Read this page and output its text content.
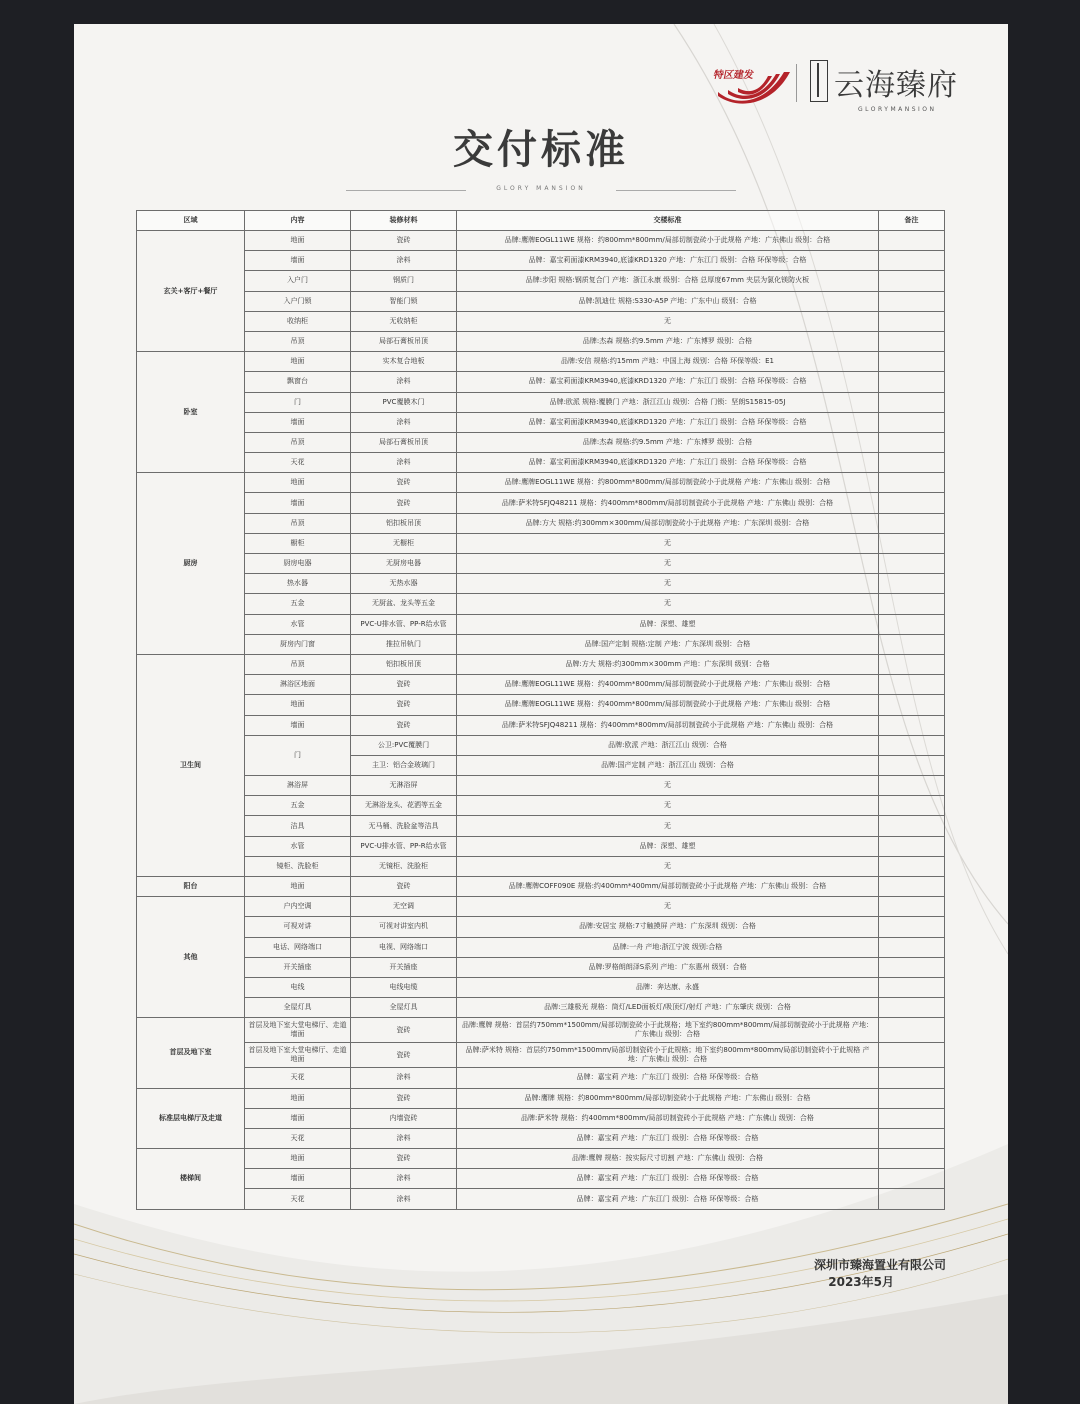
特区建发	云海臻府
GLORYMANSION
交付标准
GLORY MANSION
区域	内容	装修材料	交楼标准	备注
玄关+客厅+餐厅	地面	瓷砖	品牌:鹰牌EOGL11WE 规格：约800mm*800mm/局部切制瓷砖小于此规格 产地：广东佛山 级别：合格	
	墙面	涂料	品牌：嘉宝莉面漆KRM3940,底漆KRD1320 产地：广东江门 级别：合格 环保等级：合格	
	入户门	钢质门	品牌:步阳 规格:钢质复合门 产地：浙江永康 级别：合格 总厚度67mm 夹层为氯化镁防火板	
	入户门锁	智能门锁	品牌:凯迪仕 规格:S330-A5P 产地：广东中山 级别：合格	
	收纳柜	无收纳柜	无	
	吊顶	局部石膏板吊顶	品牌:杰森 规格:约9.5mm 产地：广东博罗 级别：合格	
卧室	地面	实木复合地板	品牌:安信 规格:约15mm 产地：中国上海 级别：合格 环保等级：E1	
	飘窗台	涂料	品牌：嘉宝莉面漆KRM3940,底漆KRD1320 产地：广东江门 级别：合格 环保等级：合格	
	门	PVC覆膜木门	品牌:欧派 规格:覆膜门 产地：浙江江山 级别：合格 门锁：坚朗S15815-05J	
	墙面	涂料	品牌：嘉宝莉面漆KRM3940,底漆KRD1320 产地：广东江门 级别：合格 环保等级：合格	
	吊顶	局部石膏板吊顶	品牌:杰森 规格:约9.5mm 产地：广东博罗 级别：合格	
	天花	涂料	品牌：嘉宝莉面漆KRM3940,底漆KRD1320 产地：广东江门 级别：合格 环保等级：合格	
厨房	地面	瓷砖	品牌:鹰牌EOGL11WE 规格：约800mm*800mm/局部切制瓷砖小于此规格 产地：广东佛山 级别：合格	
	墙面	瓷砖	品牌:萨米特SFJQ48211 规格：约400mm*800mm/局部切制瓷砖小于此规格 产地：广东佛山 级别：合格	
	吊顶	铝扣板吊顶	品牌:方大 规格:约300mm×300mm/局部切制瓷砖小于此规格 产地：广东深圳 级别：合格	
	橱柜	无橱柜	无	
	厨房电器	无厨房电器	无	
	热水器	无热水器	无	
	五金	无厨盆、龙头等五金	无	
	水管	PVC-U排水管、PP-R给水管	品牌：深塑、雄塑	
	厨房内门窗	推拉吊轨门	品牌:国产定制 规格:定制 产地：广东深圳 级别：合格	
卫生间	吊顶	铝扣板吊顶	品牌:方大 规格:约300mm×300mm 产地：广东深圳 级别：合格	
	淋浴区地面	瓷砖	品牌:鹰牌EOGL11WE 规格：约400mm*800mm/局部切制瓷砖小于此规格 产地：广东佛山 级别：合格	
	地面	瓷砖	品牌:鹰牌EOGL11WE 规格：约400mm*800mm/局部切制瓷砖小于此规格 产地：广东佛山 级别：合格	
	墙面	瓷砖	品牌:萨米特SFJQ48211 规格：约400mm*800mm/局部切制瓷砖小于此规格 产地：广东佛山 级别：合格	
	门	公卫:PVC覆膜门	品牌:欧派 产地：浙江江山 级别：合格	
		主卫：铝合金玻璃门	品牌:国产定制 产地：浙江江山 级别：合格	
	淋浴屏	无淋浴屏	无	
	五金	无淋浴龙头、花洒等五金	无	
	洁具	无马桶、洗脸盆等洁具	无	
	水管	PVC-U排水管、PP-R给水管	品牌：深塑、雄塑	
	镜柜、洗脸柜	无镜柜、洗脸柜	无	
阳台	地面	瓷砖	品牌:鹰牌COFF090E 规格:约400mm*400mm/局部切制瓷砖小于此规格 产地：广东佛山 级别：合格	
其他	户内空调	无空调	无	
	可视对讲	可视对讲室内机	品牌:安居宝 规格:7寸触摸屏 产地：广东深圳 级别：合格	
	电话、网络端口	电视、网络端口	品牌:一舟 产地:浙江宁波 级别:合格	
	开关插座	开关插座	品牌:罗格朗朗泽S系列 产地：广东惠州 级别：合格	
	电线	电线电缆	品牌：奔达康、永盛	
	全屋灯具	全屋灯具	品牌:三雄极光 规格：筒灯/LED面板灯/吸顶灯/射灯 产地：广东肇庆 级别：合格	
首层及地下室	首层及地下室大堂电梯厅、走道墙面	瓷砖	品牌:鹰牌 规格：首层约750mm*1500mm/局部切制瓷砖小于此规格；地下室约800mm*800mm/局部切制瓷砖小于此规格 产地：广东佛山 级别：合格	
	首层及地下室大堂电梯厅、走道地面	瓷砖	品牌:萨米特 规格：首层约750mm*1500mm/局部切制瓷砖小于此规格；地下室约800mm*800mm/局部切制瓷砖小于此规格 产地：广东佛山 级别：合格	
	天花	涂料	品牌：嘉宝莉 产地：广东江门 级别：合格 环保等级：合格	
标准层电梯厅及走道	地面	瓷砖	品牌:鹰牌 规格：约800mm*800mm/局部切制瓷砖小于此规格 产地：广东佛山 级别：合格	
	墙面	内墙瓷砖	品牌:萨米特 规格：约400mm*800mm/局部切制瓷砖小于此规格 产地：广东佛山 级别：合格	
	天花	涂料	品牌：嘉宝莉 产地：广东江门 级别：合格 环保等级：合格	
楼梯间	地面	瓷砖	品牌:鹰牌 规格：按实际尺寸切割 产地：广东佛山 级别：合格	
	墙面	涂料	品牌：嘉宝莉 产地：广东江门 级别：合格 环保等级：合格	
	天花	涂料	品牌：嘉宝莉 产地：广东江门 级别：合格 环保等级：合格	
深圳市臻海置业有限公司
2023年5月
